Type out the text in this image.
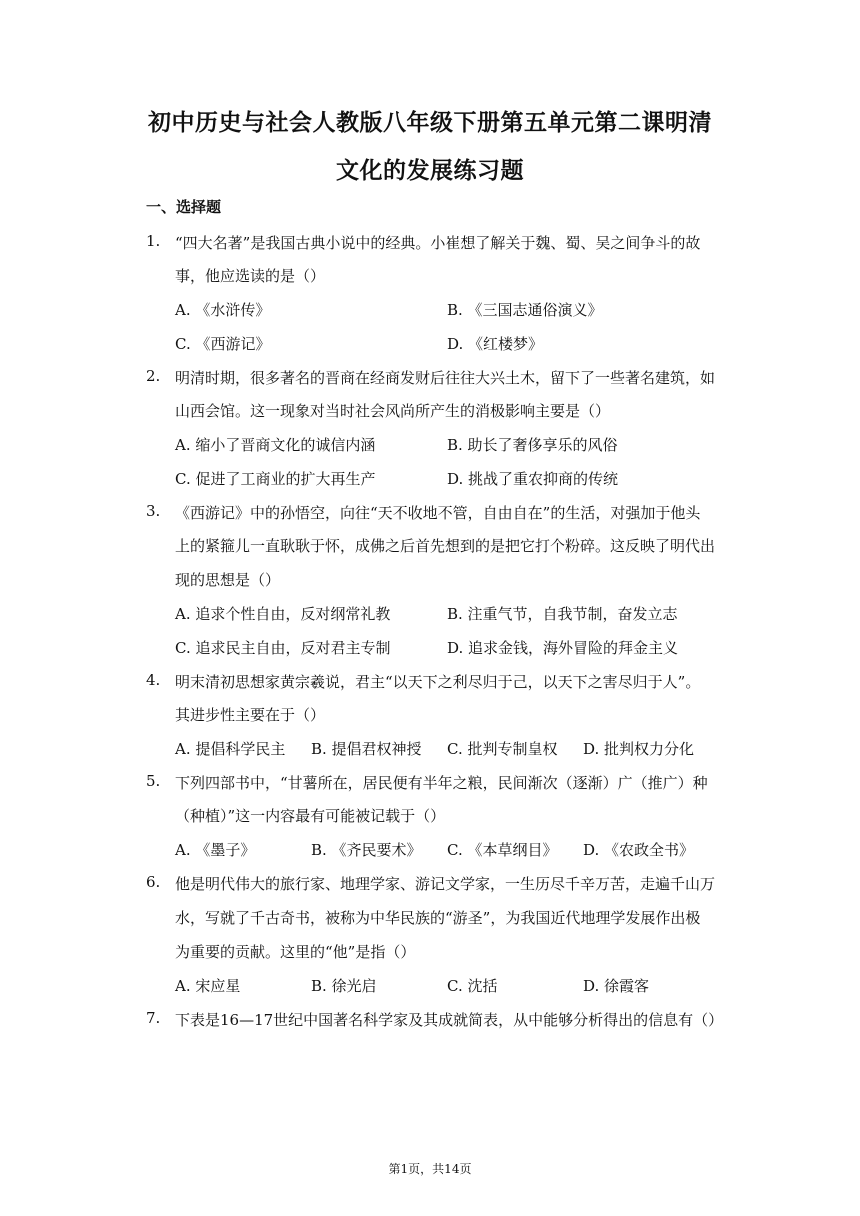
初中历史与社会人教版八年级下册第五单元第二课明清
文化的发展练习题
一、选择题
1. “四大名著”是我国古典小说中的经典。小崔想了解关于魏、蜀、吴之间争斗的故
事，他应选读的是（）
A. 《水浒传》	B. 《三国志通俗演义》
C. 《西游记》	D. 《红楼梦》
2. 明清时期，很多著名的晋商在经商发财后往往大兴土木，留下了一些著名建筑，如
山西会馆。这一现象对当时社会风尚所产生的消极影响主要是（）
A. 缩小了晋商文化的诚信内涵	B. 助长了奢侈享乐的风俗
C. 促进了工商业的扩大再生产	D. 挑战了重农抑商的传统
3. 《西游记》中的孙悟空，向往“天不收地不管，自由自在”的生活，对强加于他头
上的紧箍儿一直耿耿于怀，成佛之后首先想到的是把它打个粉碎。这反映了明代出
现的思想是（）
A. 追求个性自由，反对纲常礼教	B. 注重气节，自我节制，奋发立志
C. 追求民主自由，反对君主专制	D. 追求金钱，海外冒险的拜金主义
4. 明末清初思想家黄宗羲说，君主“以天下之利尽归于己，以天下之害尽归于人”。
其进步性主要在于（）
A. 提倡科学民主 B. 提倡君权神授 C. 批判专制皇权 D. 批判权力分化
5. 下列四部书中，“甘薯所在，居民便有半年之粮，民间渐次（逐渐）广（推广）种
（种植）”这一内容最有可能被记载于（）
A. 《墨子》	B. 《齐民要术》 C. 《本草纲目》 D. 《农政全书》
6. 他是明代伟大的旅行家、地理学家、游记文学家，一生历尽千辛万苦，走遍千山万
水，写就了千古奇书，被称为中华民族的“游圣”，为我国近代地理学发展作出极
为重要的贡献。这里的“他”是指（）
A. 宋应星	B. 徐光启	C. 沈括	D. 徐霞客
7. 下表是16—17世纪中国著名科学家及其成就简表，从中能够分析得出的信息有（）
第1页，共14页
